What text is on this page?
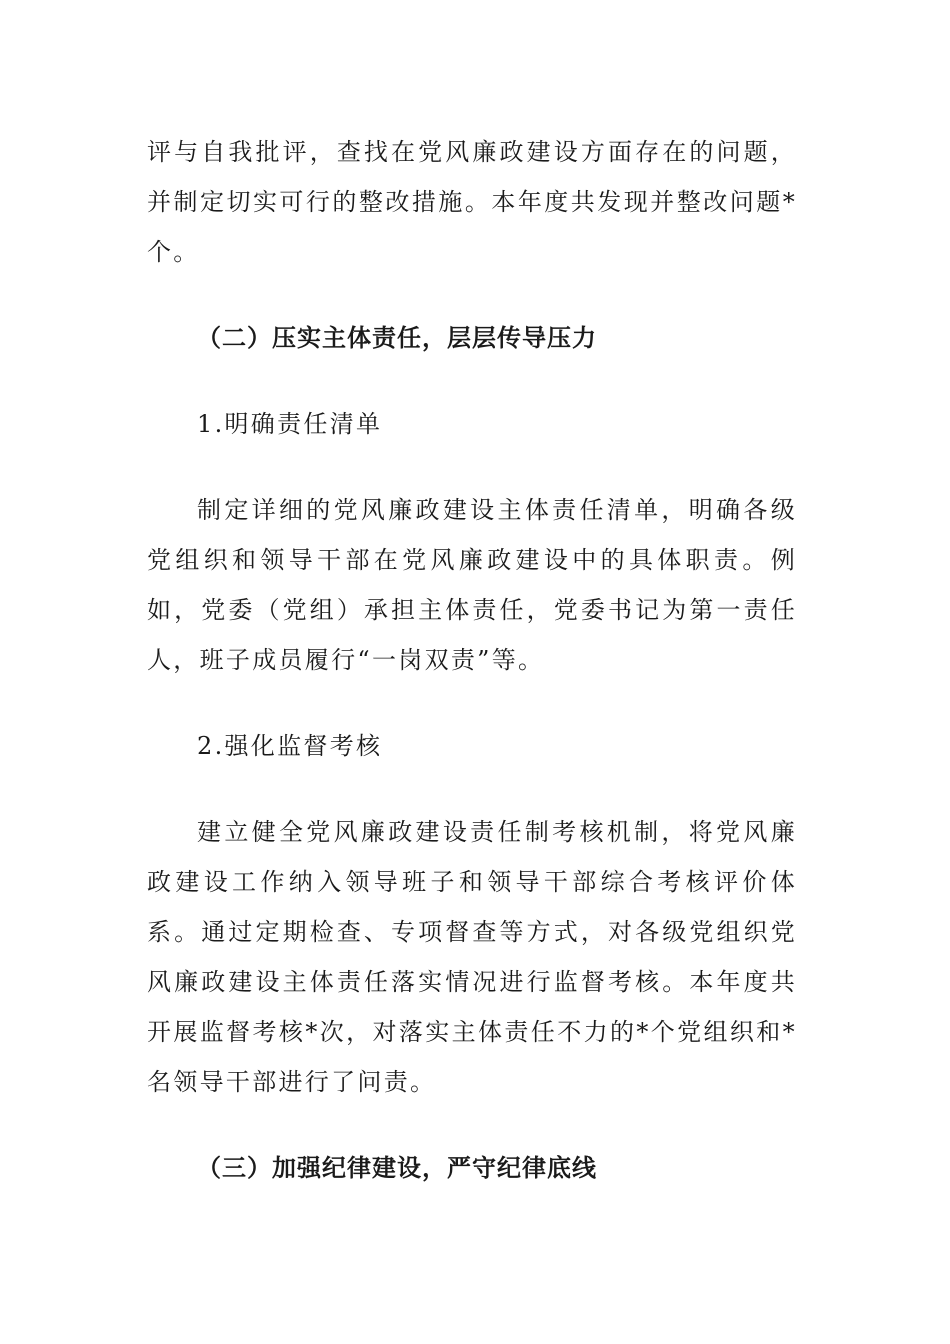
评与自我批评，查找在党风廉政建设方面存在的问题，并制定切实可行的整改措施。本年度共发现并整改问题*个。

（二）压实主体责任，层层传导压力

1.明确责任清单

制定详细的党风廉政建设主体责任清单，明确各级党组织和领导干部在党风廉政建设中的具体职责。例如，党委（党组）承担主体责任，党委书记为第一责任人，班子成员履行“一岗双责”等。

2.强化监督考核

建立健全党风廉政建设责任制考核机制，将党风廉政建设工作纳入领导班子和领导干部综合考核评价体系。通过定期检查、专项督查等方式，对各级党组织党风廉政建设主体责任落实情况进行监督考核。本年度共开展监督考核*次，对落实主体责任不力的*个党组织和*名领导干部进行了问责。

（三）加强纪律建设，严守纪律底线
